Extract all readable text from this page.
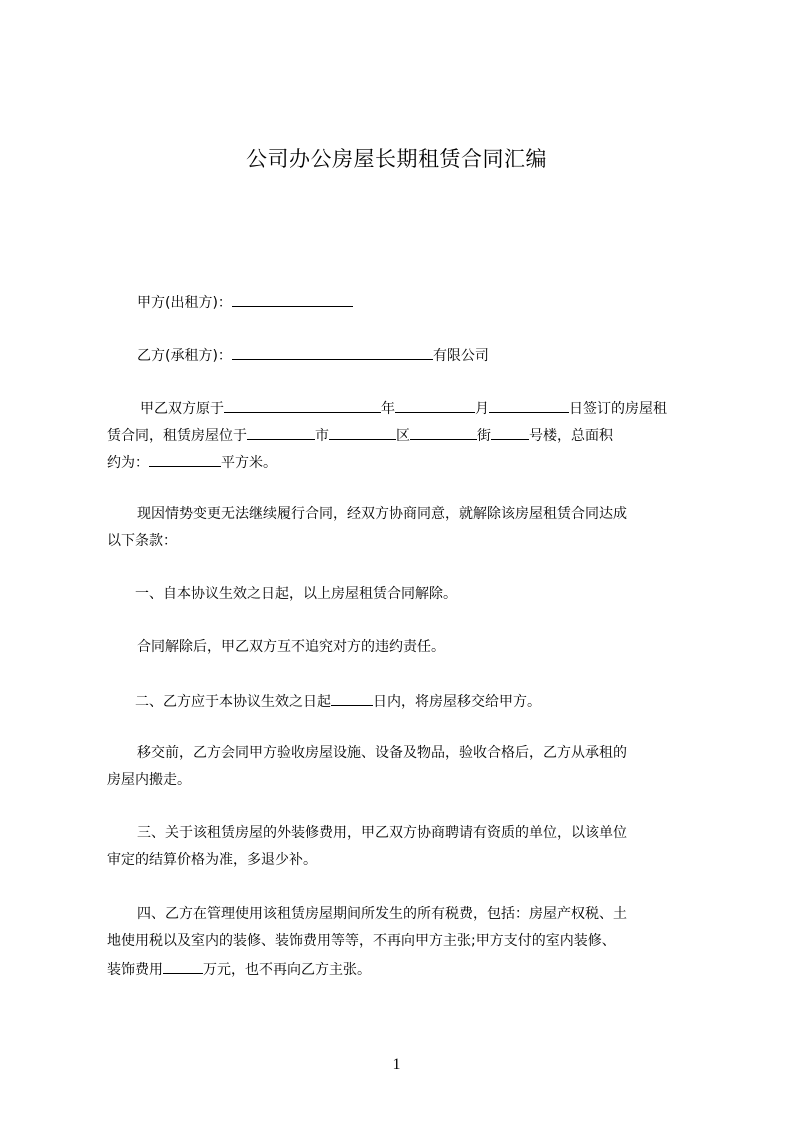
公司办公房屋长期租赁合同汇编
甲方(出租方)：
乙方(承租方)：	有限公司
甲乙双方原于	年	月	日签订的房屋租
赁合同，租赁房屋位于	市	区	街	号楼，总面积
约为：	平方米。
现因情势变更无法继续履行合同，经双方协商同意，就解除该房屋租赁合同达成
以下条款：
一、自本协议生效之日起，以上房屋租赁合同解除。
合同解除后，甲乙双方互不追究对方的违约责任。
二、乙方应于本协议生效之日起	日内，将房屋移交给甲方。
移交前，乙方会同甲方验收房屋设施、设备及物品，验收合格后，乙方从承租的
房屋内搬走。
三、关于该租赁房屋的外装修费用，甲乙双方协商聘请有资质的单位，以该单位
审定的结算价格为准，多退少补。
四、乙方在管理使用该租赁房屋期间所发生的所有税费，包括：房屋产权税、土
地使用税以及室内的装修、装饰费用等等，不再向甲方主张;甲方支付的室内装修、
装饰费用	万元，也不再向乙方主张。
1
